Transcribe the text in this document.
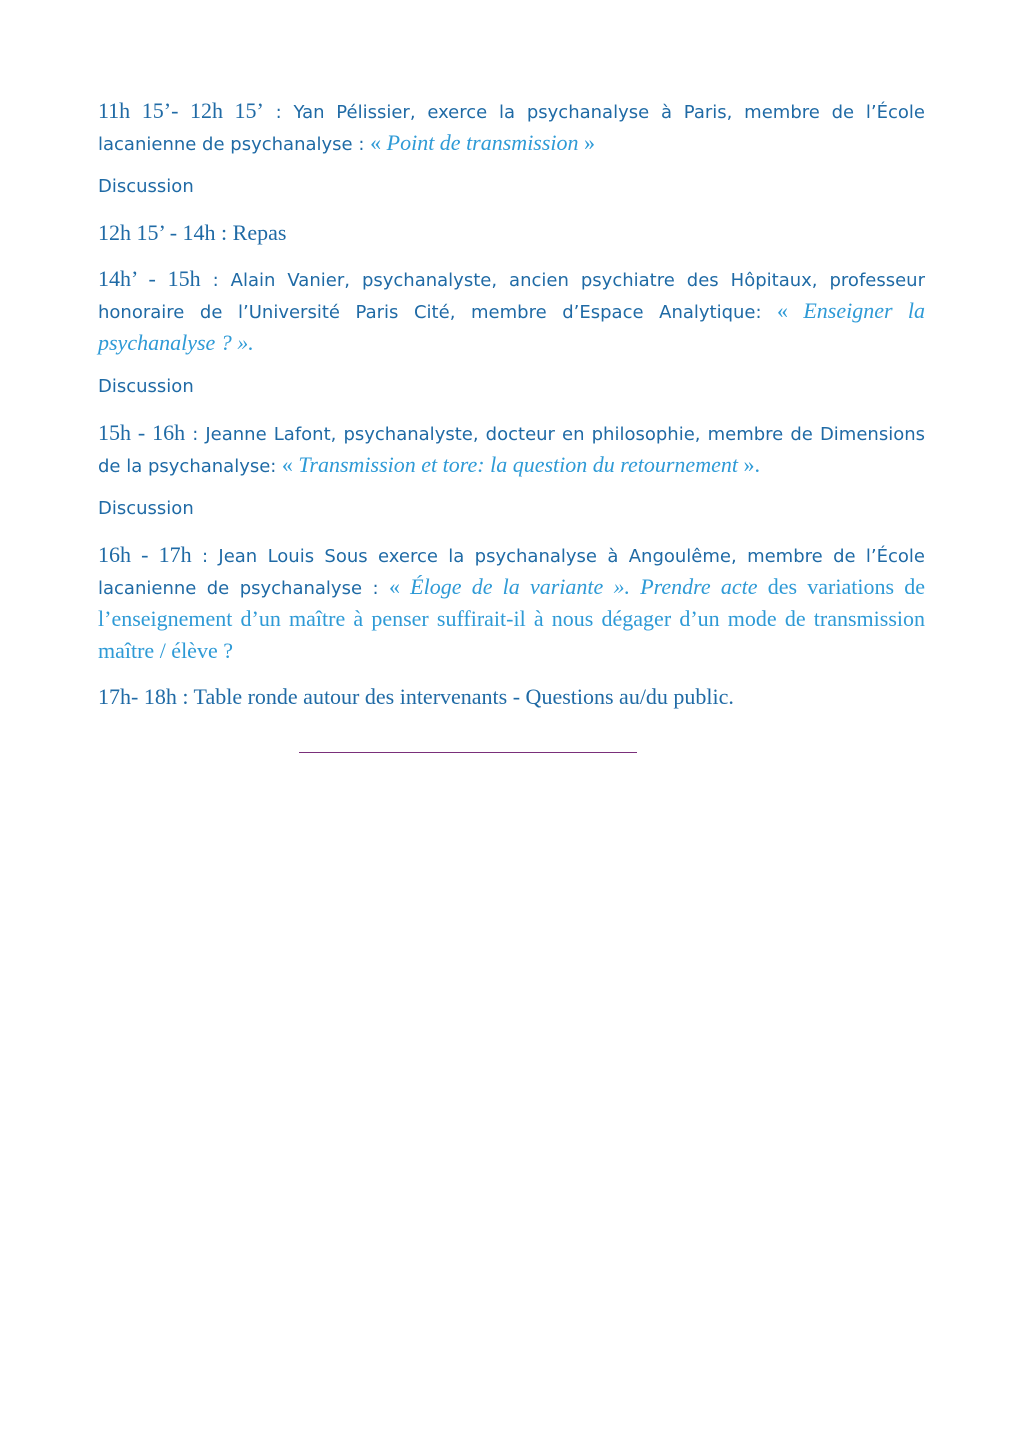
11h 15’- 12h 15’ : Yan Pélissier, exerce la psychanalyse à Paris, membre de l’École lacanienne de psychanalyse : « Point de transmission »

Discussion

12h 15’ - 14h : Repas

14h’ - 15h : Alain Vanier, psychanalyste, ancien psychiatre des Hôpitaux, professeur honoraire de l’Université Paris Cité, membre d’Espace Analytique: « Enseigner la psychanalyse ? ».

Discussion

15h - 16h : Jeanne Lafont, psychanalyste, docteur en philosophie, membre de Dimensions de la psychanalyse: « Transmission et tore: la question du retournement ».

Discussion

16h - 17h : Jean Louis Sous exerce la psychanalyse à Angoulême, membre de l’École lacanienne de psychanalyse : « Éloge de la variante ». Prendre acte des variations de l’enseignement d’un maître à penser suffirait-il à nous dégager d’un mode de transmission maître / élève ?

17h- 18h : Table ronde autour des intervenants - Questions au/du public.
